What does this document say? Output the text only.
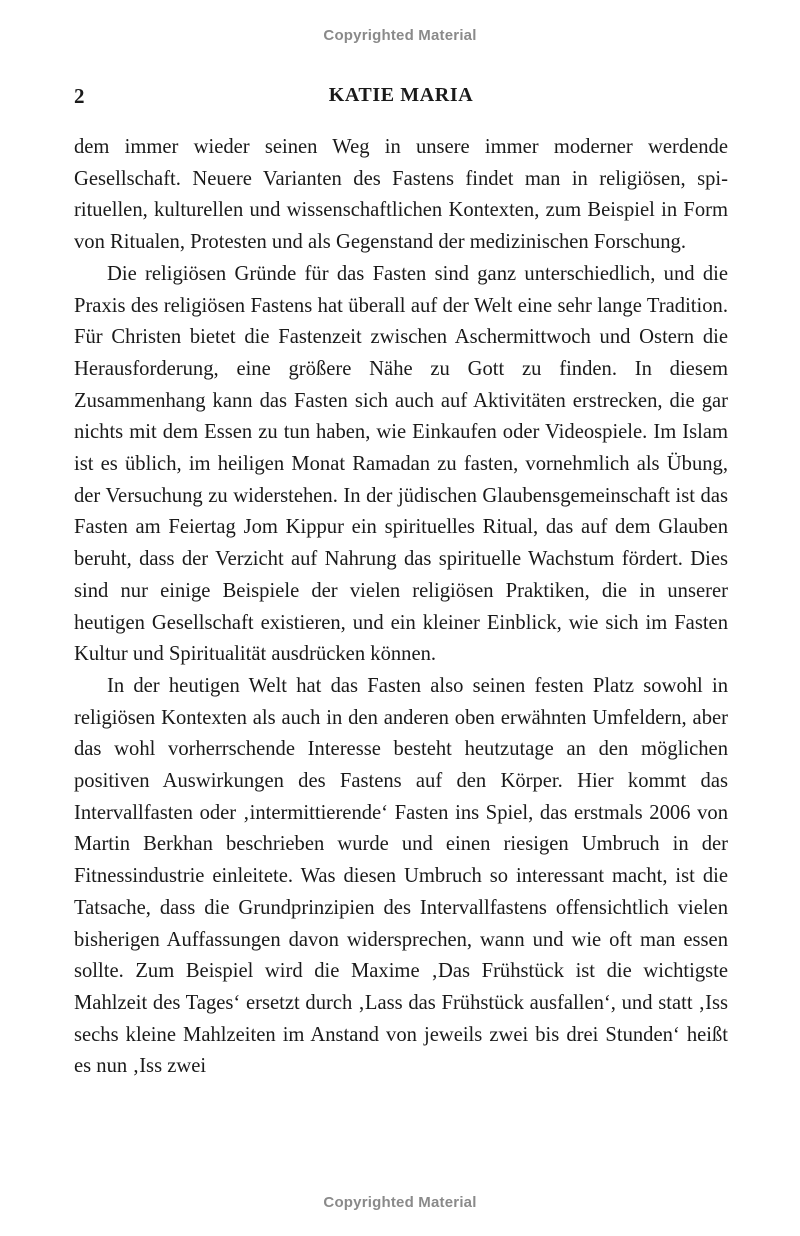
Copyrighted Material
2	KATIE MARIA

dem immer wieder seinen Weg in unsere immer moderner werdende Gesellschaft. Neuere Varianten des Fastens findet man in religiösen, spirituellen, kulturellen und wissenschaftlichen Kontexten, zum Beispiel in Form von Ritualen, Protesten und als Gegenstand der medizinischen Forschung.

Die religiösen Gründe für das Fasten sind ganz unterschiedlich, und die Praxis des religiösen Fastens hat überall auf der Welt eine sehr lange Tradition. Für Christen bietet die Fastenzeit zwischen Aschermittwoch und Ostern die Herausforderung, eine größere Nähe zu Gott zu finden. In diesem Zusammenhang kann das Fasten sich auch auf Aktivitäten erstrecken, die gar nichts mit dem Essen zu tun haben, wie Einkaufen oder Videospiele. Im Islam ist es üblich, im heiligen Monat Ramadan zu fasten, vornehmlich als Übung, der Versuchung zu widerstehen. In der jüdischen Glaubensgemeinschaft ist das Fasten am Feiertag Jom Kippur ein spirituelles Ritual, das auf dem Glauben beruht, dass der Verzicht auf Nahrung das spirituelle Wachstum fördert. Dies sind nur einige Beispiele der vielen religiösen Praktiken, die in unserer heutigen Gesellschaft existieren, und ein kleiner Einblick, wie sich im Fasten Kultur und Spiritualität ausdrücken können.

In der heutigen Welt hat das Fasten also seinen festen Platz sowohl in religiösen Kontexten als auch in den anderen oben erwähnten Umfeldern, aber das wohl vorherrschende Interesse besteht heutzutage an den möglichen positiven Auswirkungen des Fastens auf den Körper. Hier kommt das Intervallfasten oder ‚intermittierende‘ Fasten ins Spiel, das erstmals 2006 von Martin Berkhan beschrieben wurde und einen riesigen Umbruch in der Fitnessindustrie einleitete. Was diesen Umbruch so interessant macht, ist die Tatsache, dass die Grundprinzipien des Intervallfastens offensichtlich vielen bisherigen Auffassungen davon widersprechen, wann und wie oft man essen sollte. Zum Beispiel wird die Maxime ‚Das Frühstück ist die wichtigste Mahlzeit des Tages‘ ersetzt durch ‚Lass das Frühstück ausfallen‘, und statt ‚Iss sechs kleine Mahlzeiten im Anstand von jeweils zwei bis drei Stunden‘ heißt es nun ‚Iss zwei

Copyrighted Material
